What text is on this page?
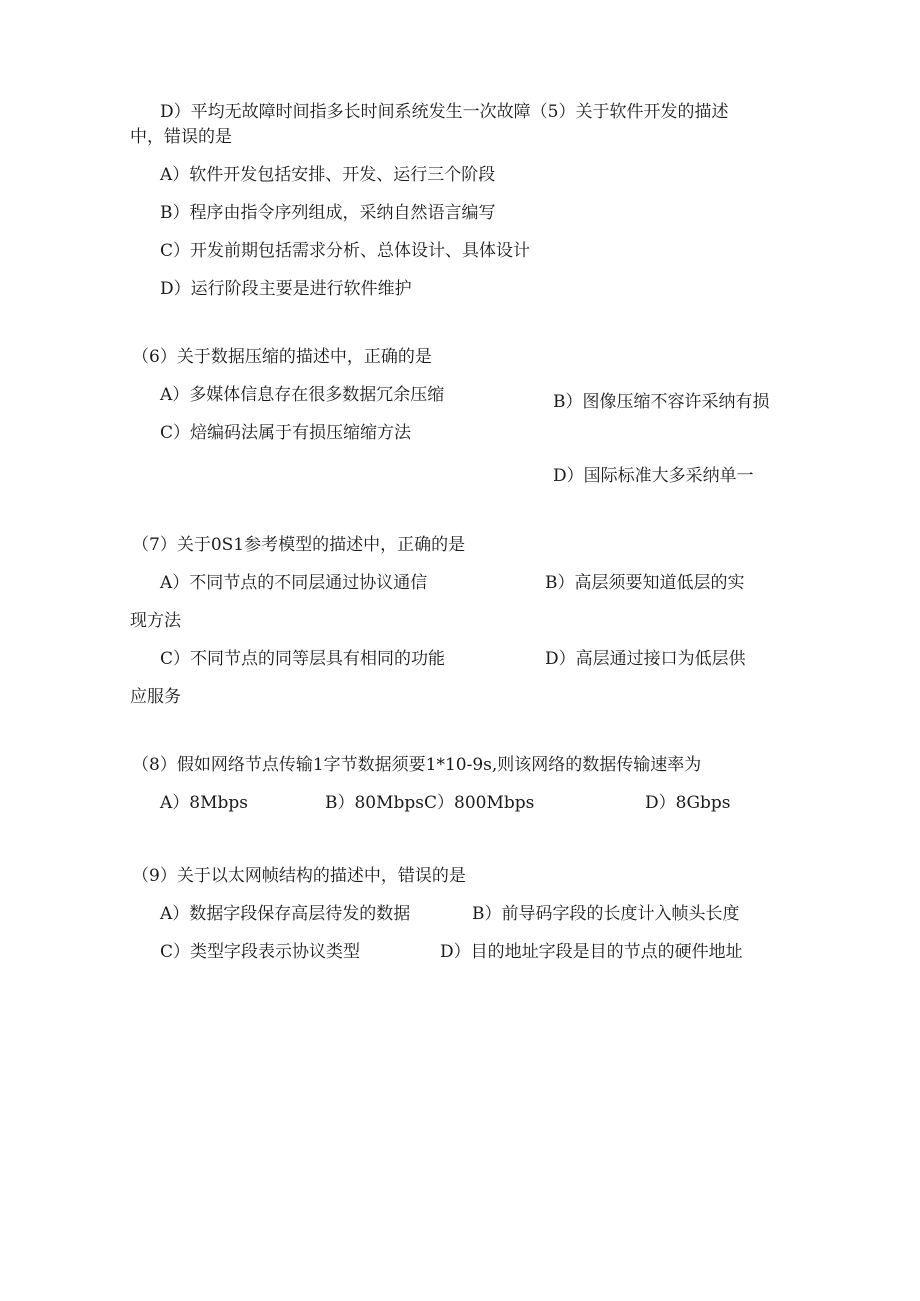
D）平均无故障时间指多长时间系统发生一次故障（5）关于软件开发的描述
中，错误的是
A）软件开发包括安排、开发、运行三个阶段
B）程序由指令序列组成，采纳自然语言编写
C）开发前期包括需求分析、总体设计、具体设计
D）运行阶段主要是进行软件维护
（6）关于数据压缩的描述中，正确的是
A）多媒体信息存在很多数据冗余压缩	B）图像压缩不容许采纳有损
C）焙编码法属于有损压缩缩方法
D）国际标准大多采纳单一
（7）关于0S1参考模型的描述中，正确的是
A）不同节点的不同层通过协议通信	B）高层须要知道低层的实
现方法
C）不同节点的同等层具有相同的功能	D）高层通过接口为低层供
应服务
（8）假如网络节点传输1字节数据须要1*10-9s,则该网络的数据传输速率为
A）8Mbps	B）80MbpsC）800Mbps	D）8Gbps
（9）关于以太网帧结构的描述中，错误的是
A）数据字段保存高层待发的数据	B）前导码字段的长度计入帧头长度
C）类型字段表示协议类型	D）目的地址字段是目的节点的硬件地址
